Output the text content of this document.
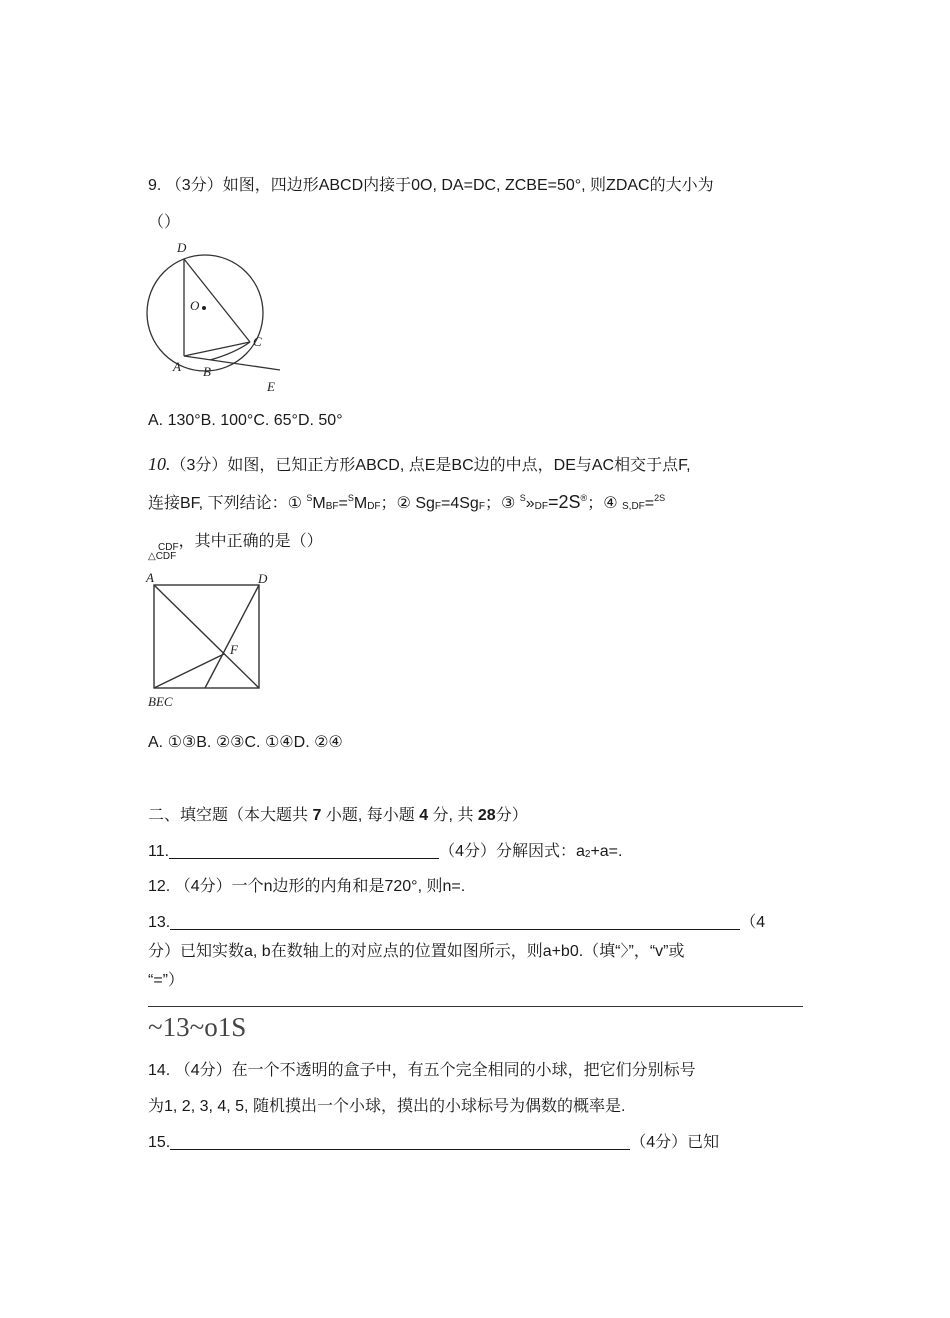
9. （3分）如图，四边形ABCD内接于0O, DA=DC, ZCBE=50°, 则ZDAC的大小为
（）
D
O
C
A B
E
A. 130°B. 100°C. 65°D. 50°
10.（3分）如图，已知正方形ABCD, 点E是BC边的中点，DE与AC相交于点F,
连接BF, 下列结论：① $^S$MBF=$^S$MDF；② SgF=4SgF；③ $^S$»DF=2S®；④ S,DF=$^{2S}$
CDF，其中正确的是（）
△CDF
A	D
F
BEC
A. ①③B. ②③C. ①④D. ②④
二、填空题（本大题共 7 小题, 每小题 4 分, 共 28分）
11.	（4分）分解因式：a2+a=.
12. （4分）一个n边形的内角和是720°, 则n=.
13.	（4
分）已知实数a, b在数轴上的对应点的位置如图所示，则a+b0.（填“〉”，“v”或
“=”）
~13~o1S
14. （4分）在一个不透明的盒子中，有五个完全相同的小球，把它们分别标号
为1, 2, 3, 4, 5, 随机摸出一个小球，摸出的小球标号为偶数的概率是.
15.	（4分）已知
